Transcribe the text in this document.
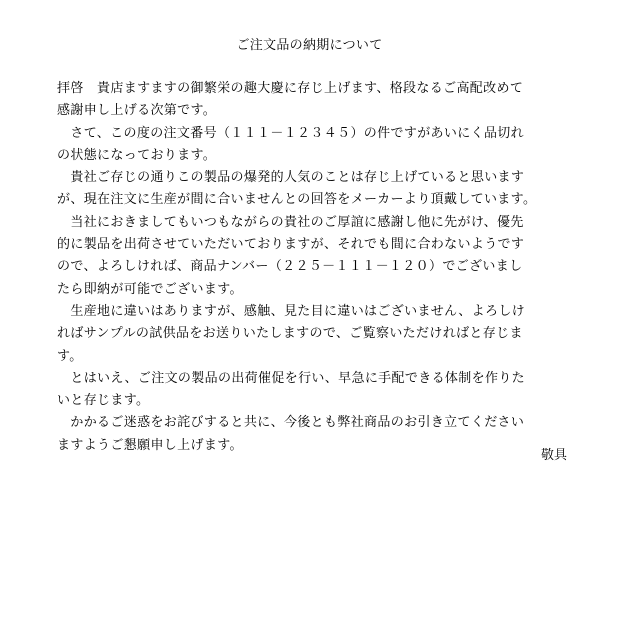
ご注文品の納期について
拝啓　貴店ますますの御繁栄の趣大慶に存じ上げます、格段なるご高配改めて
感謝申し上げる次第です。
　さて、この度の注文番号（１１１－１２３４５）の件ですがあいにく品切れ
の状態になっております。
　貴社ご存じの通りこの製品の爆発的人気のことは存じ上げていると思います
が、現在注文に生産が間に合いませんとの回答をメーカーより頂戴しています。
　当社におきましてもいつもながらの貴社のご厚誼に感謝し他に先がけ、優先
的に製品を出荷させていただいておりますが、それでも間に合わないようです
ので、よろしければ、商品ナンバー（２２５－１１１－１２０）でございまし
たら即納が可能でございます。
　生産地に違いはありますが、感触、見た目に違いはございません、よろしけ
ればサンプルの試供品をお送りいたしますので、ご覧察いただければと存じま
す。
　とはいえ、ご注文の製品の出荷催促を行い、早急に手配できる体制を作りた
いと存じます。
　かかるご迷惑をお詫びすると共に、今後とも弊社商品のお引き立てください
ますようご懇願申し上げます。
敬具
